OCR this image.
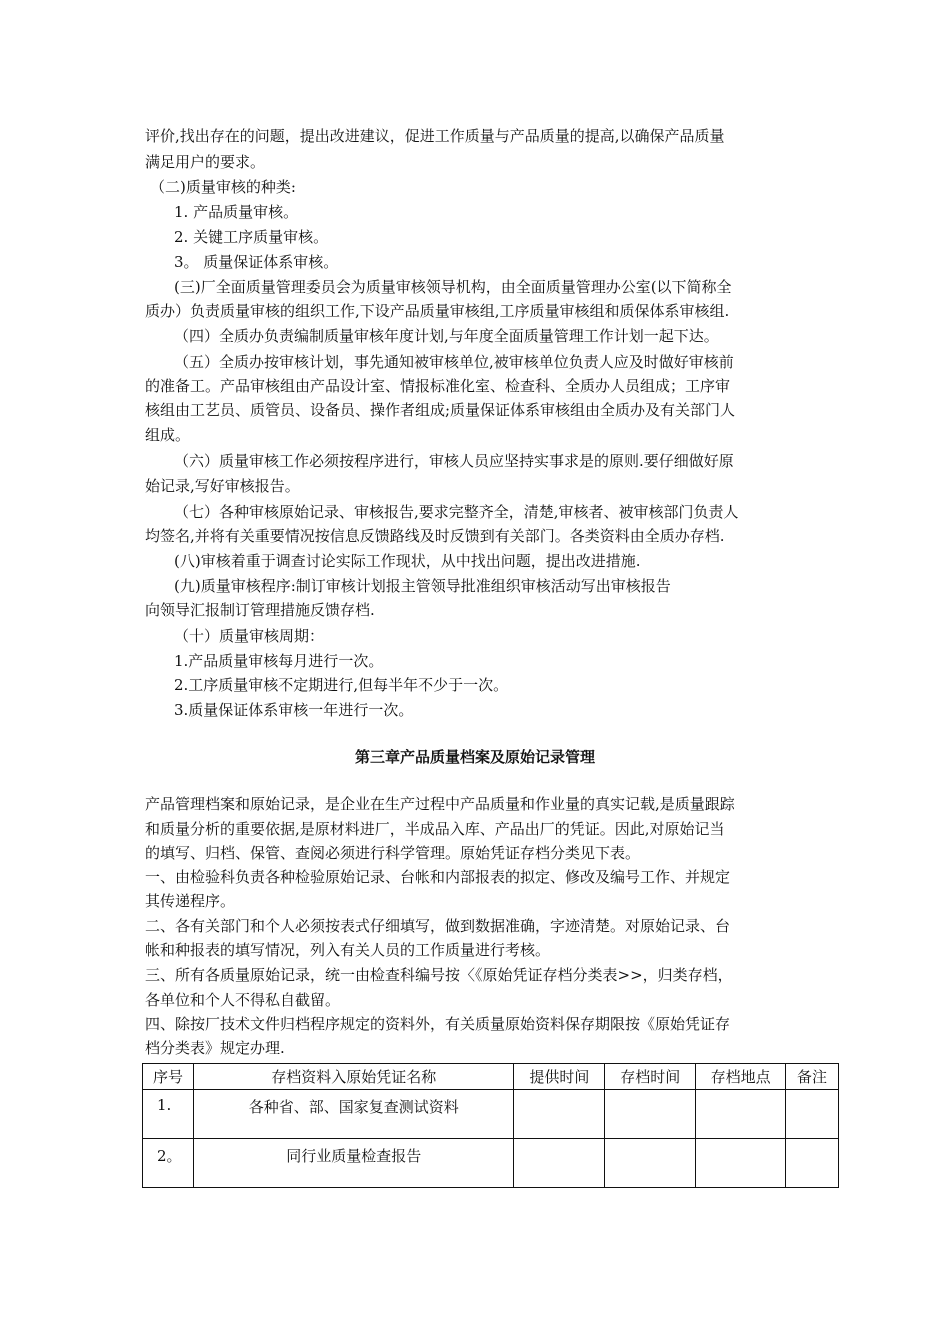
评价,找出存在的问题，提出改进建议，促进工作质量与产品质量的提高,以确保产品质量
满足用户的要求。
（二)质量审核的种类:
1. 产品质量审核。
2. 关键工序质量审核。
3。 质量保证体系审核。
(三)厂全面质量管理委员会为质量审核领导机构，由全面质量管理办公室(以下简称全
质办）负责质量审核的组织工作,下设产品质量审核组,工序质量审核组和质保体系审核组.
（四）全质办负责编制质量审核年度计划,与年度全面质量管理工作计划一起下达。
（五）全质办按审核计划，事先通知被审核单位,被审核单位负责人应及时做好审核前
的准备工。产品审核组由产品设计室、情报标准化室、检查科、全质办人员组成；工序审
核组由工艺员、质管员、设备员、操作者组成;质量保证体系审核组由全质办及有关部门人
组成。
（六）质量审核工作必须按程序进行，审核人员应坚持实事求是的原则.要仔细做好原
始记录,写好审核报告。
（七）各种审核原始记录、审核报告,要求完整齐全，清楚,审核者、被审核部门负责人
均签名,并将有关重要情况按信息反馈路线及时反馈到有关部门。各类资料由全质办存档.
(八)审核着重于调查讨论实际工作现状，从中找出问题，提出改进措施.
(九)质量审核程序:制订审核计划报主管领导批准组织审核活动写出审核报告
向领导汇报制订管理措施反馈存档.
（十）质量审核周期：
1.产品质量审核每月进行一次。
2.工序质量审核不定期进行,但每半年不少于一次。
3.质量保证体系审核一年进行一次。
第三章产品质量档案及原始记录管理
产品管理档案和原始记录，是企业在生产过程中产品质量和作业量的真实记载,是质量跟踪
和质量分析的重要依据,是原材料进厂，半成品入库、产品出厂的凭证。因此,对原始记当
的填写、归档、保管、查阅必须进行科学管理。原始凭证存档分类见下表。
一、由检验科负责各种检验原始记录、台帐和内部报表的拟定、修改及编号工作、并规定
其传递程序。
二、各有关部门和个人必须按表式仔细填写，做到数据准确，字迹清楚。对原始记录、台
帐和种报表的填写情况，列入有关人员的工作质量进行考核。
三、所有各质量原始记录，统一由检查科编号按〈《原始凭证存档分类表>>，归类存档，
各单位和个人不得私自截留。
四、除按厂技术文件归档程序规定的资料外，有关质量原始资料保存期限按《原始凭证存
档分类表》规定办理.
序号	存档资料入原始凭证名称	提供时间	存档时间	存档地点	备注
1.	各种省、部、国家复查测试资料				
2。	同行业质量检查报告				
